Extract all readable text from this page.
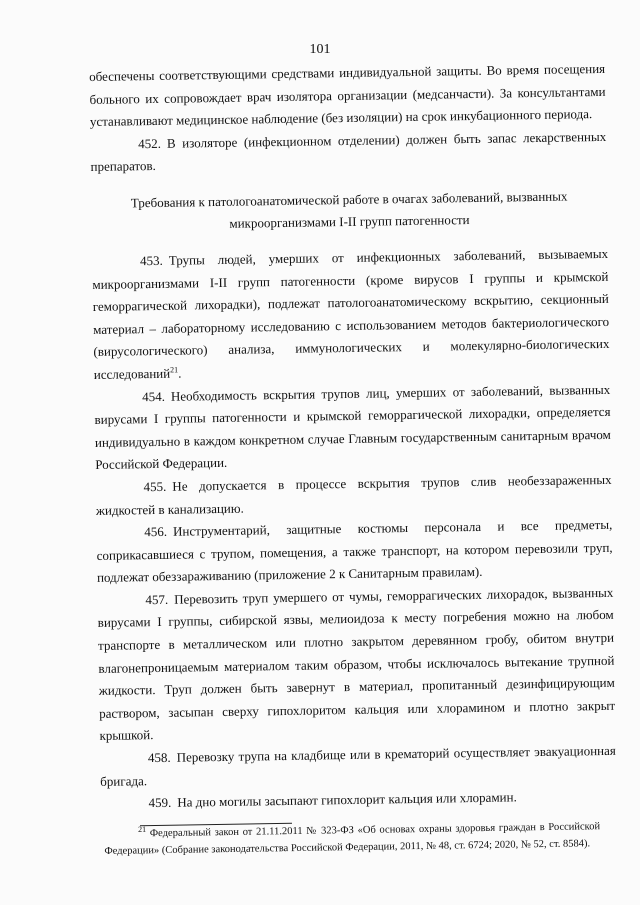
101

обеспечены соответствующими средствами индивидуальной защиты. Во время посещения больного их сопровождает врач изолятора организации (медсанчасти). За консультантами устанавливают медицинское наблюдение (без изоляции) на срок инкубационного периода.

452. В изоляторе (инфекционном отделении) должен быть запас лекарственных препаратов.

Требования к патологоанатомической работе в очагах заболеваний, вызванных
микроорганизмами I-II групп патогенности

453. Трупы людей, умерших от инфекционных заболеваний, вызываемых микроорганизмами I-II групп патогенности (кроме вирусов I группы и крымской геморрагической лихорадки), подлежат патологоанатомическому вскрытию, секционный материал – лабораторному исследованию с использованием методов бактериологического (вирусологического) анализа, иммунологических и молекулярно-биологических исследований$^{21}$.

454. Необходимость вскрытия трупов лиц, умерших от заболеваний, вызванных вирусами I группы патогенности и крымской геморрагической лихорадки, определяется индивидуально в каждом конкретном случае Главным государственным санитарным врачом Российской Федерации.

455. Не допускается в процессе вскрытия трупов слив необеззараженных жидкостей в канализацию.

456. Инструментарий, защитные костюмы персонала и все предметы, соприкасавшиеся с трупом, помещения, а также транспорт, на котором перевозили труп, подлежат обеззараживанию (приложение 2 к Санитарным правилам).

457. Перевозить труп умершего от чумы, геморрагических лихорадок, вызванных вирусами I группы, сибирской язвы, мелиоидоза к месту погребения можно на любом транспорте в металлическом или плотно закрытом деревянном гробу, обитом внутри влагонепроницаемым материалом таким образом, чтобы исключалось вытекание трупной жидкости. Труп должен быть завернут в материал, пропитанный дезинфицирующим раствором, засыпан сверху гипохлоритом кальция или хлорамином и плотно закрыт крышкой.

458. Перевозку трупа на кладбище или в крематорий осуществляет эвакуационная бригада.

459. На дно могилы засыпают гипохлорит кальция или хлорамин.

$^{21}$ Федеральный закон от 21.11.2011 № 323-ФЗ «Об основах охраны здоровья граждан в Российской Федерации» (Собрание законодательства Российской Федерации, 2011, № 48, ст. 6724; 2020, № 52, ст. 8584).
